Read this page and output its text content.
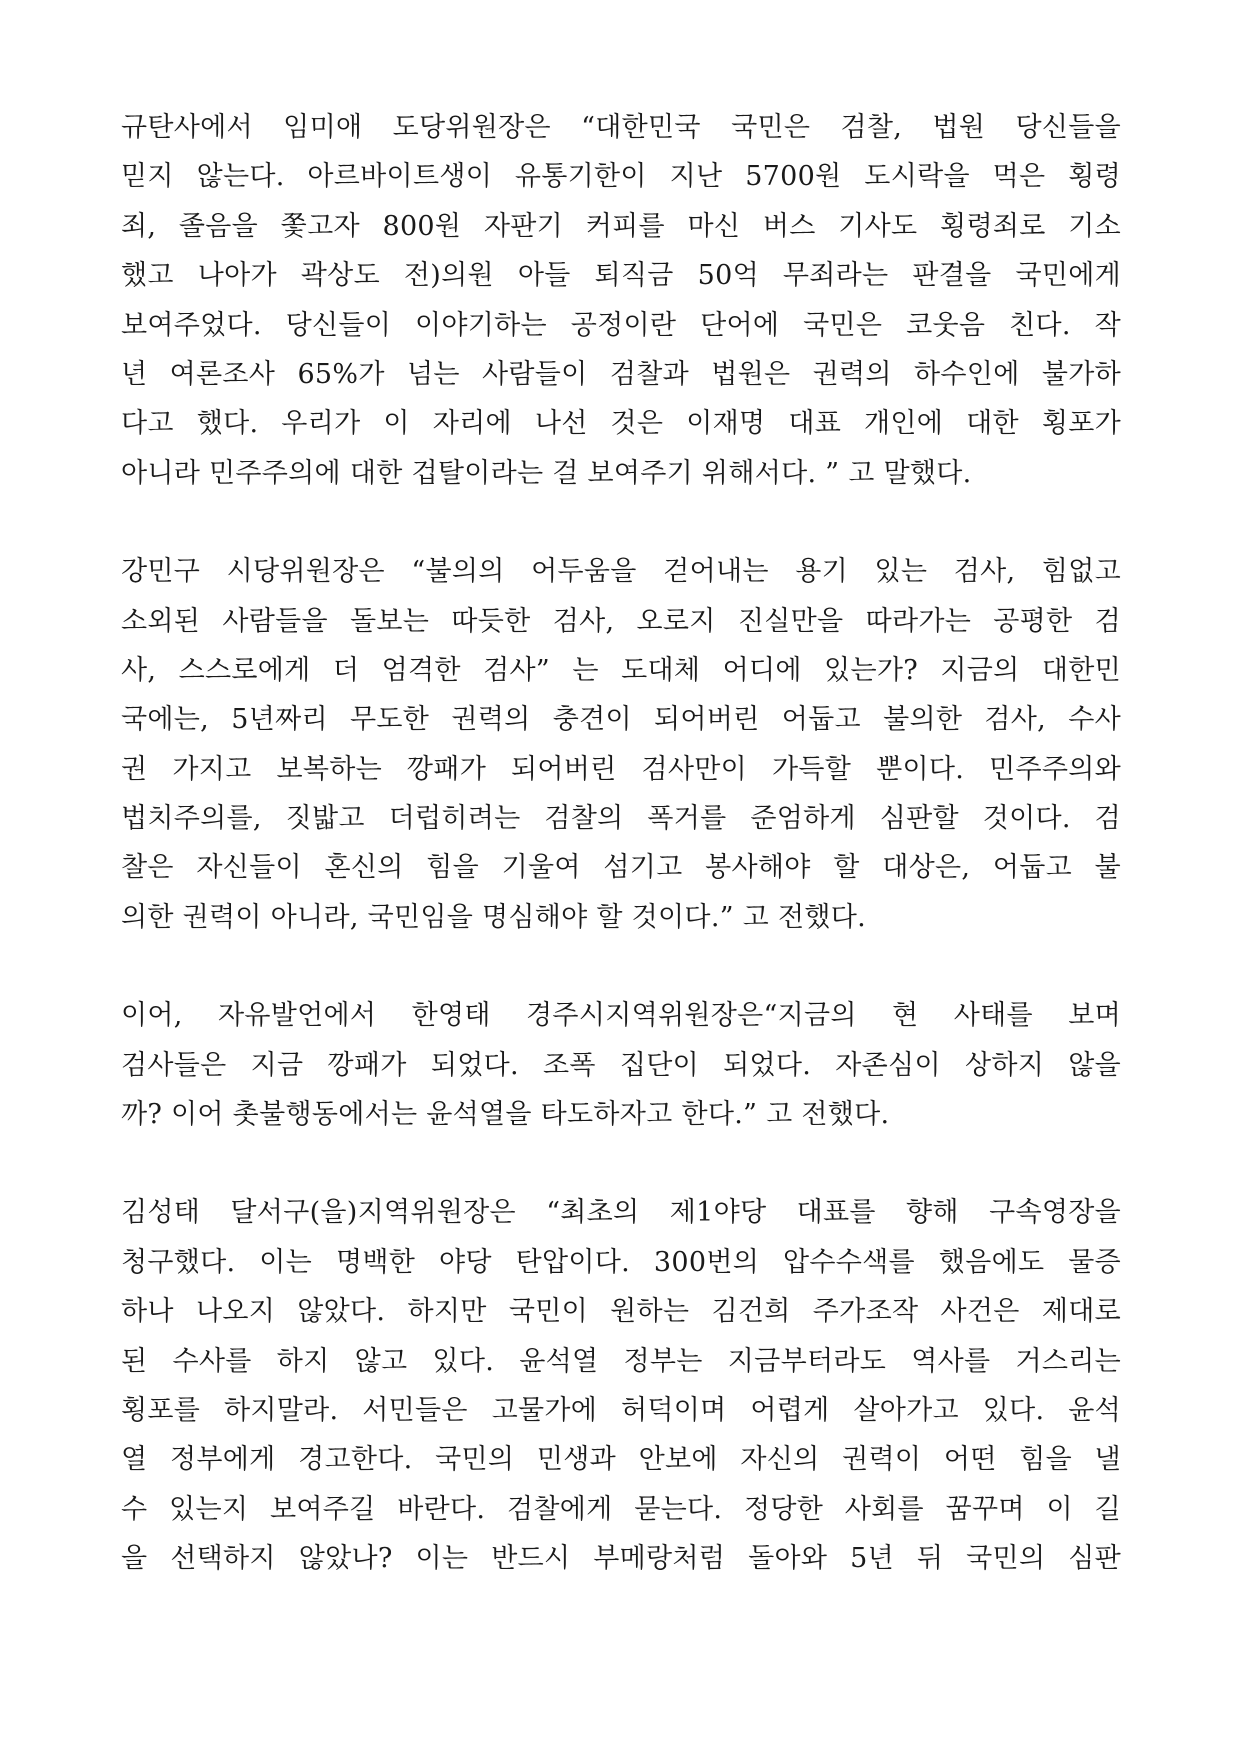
규탄사에서 임미애 도당위원장은 “대한민국 국민은 검찰, 법원 당신들을
믿지 않는다. 아르바이트생이 유통기한이 지난 5700원 도시락을 먹은 횡령
죄, 졸음을 쫓고자 800원 자판기 커피를 마신 버스 기사도 횡령죄로 기소
했고 나아가 곽상도 전)의원 아들 퇴직금 50억 무죄라는 판결을 국민에게
보여주었다. 당신들이 이야기하는 공정이란 단어에 국민은 코웃음 친다. 작
년 여론조사 65%가 넘는 사람들이 검찰과 법원은 권력의 하수인에 불가하
다고 했다. 우리가 이 자리에 나선 것은 이재명 대표 개인에 대한 횡포가
아니라 민주주의에 대한 겁탈이라는 걸 보여주기 위해서다. ” 고 말했다.
강민구 시당위원장은 “불의의 어두움을 걷어내는 용기 있는 검사, 힘없고
소외된 사람들을 돌보는 따듯한 검사, 오로지 진실만을 따라가는 공평한 검
사, 스스로에게 더 엄격한 검사” 는 도대체 어디에 있는가? 지금의 대한민
국에는, 5년짜리 무도한 권력의 충견이 되어버린 어둡고 불의한 검사, 수사
권 가지고 보복하는 깡패가 되어버린 검사만이 가득할 뿐이다. 민주주의와
법치주의를, 짓밟고 더럽히려는 검찰의 폭거를 준엄하게 심판할 것이다. 검
찰은 자신들이 혼신의 힘을 기울여 섬기고 봉사해야 할 대상은, 어둡고 불
의한 권력이 아니라, 국민임을 명심해야 할 것이다.” 고 전했다.
이어, 자유발언에서 한영태 경주시지역위원장은“지금의 현 사태를 보며
검사들은 지금 깡패가 되었다. 조폭 집단이 되었다. 자존심이 상하지 않을
까? 이어 촛불행동에서는 윤석열을 타도하자고 한다.” 고 전했다.
김성태 달서구(을)지역위원장은 “최초의 제1야당 대표를 향해 구속영장을
청구했다. 이는 명백한 야당 탄압이다. 300번의 압수수색를 했음에도 물증
하나 나오지 않았다. 하지만 국민이 원하는 김건희 주가조작 사건은 제대로
된 수사를 하지 않고 있다. 윤석열 정부는 지금부터라도 역사를 거스리는
횡포를 하지말라. 서민들은 고물가에 허덕이며 어렵게 살아가고 있다. 윤석
열 정부에게 경고한다. 국민의 민생과 안보에 자신의 권력이 어떤 힘을 낼
수 있는지 보여주길 바란다. 검찰에게 묻는다. 정당한 사회를 꿈꾸며 이 길
을 선택하지 않았나? 이는 반드시 부메랑처럼 돌아와 5년 뒤 국민의 심판
